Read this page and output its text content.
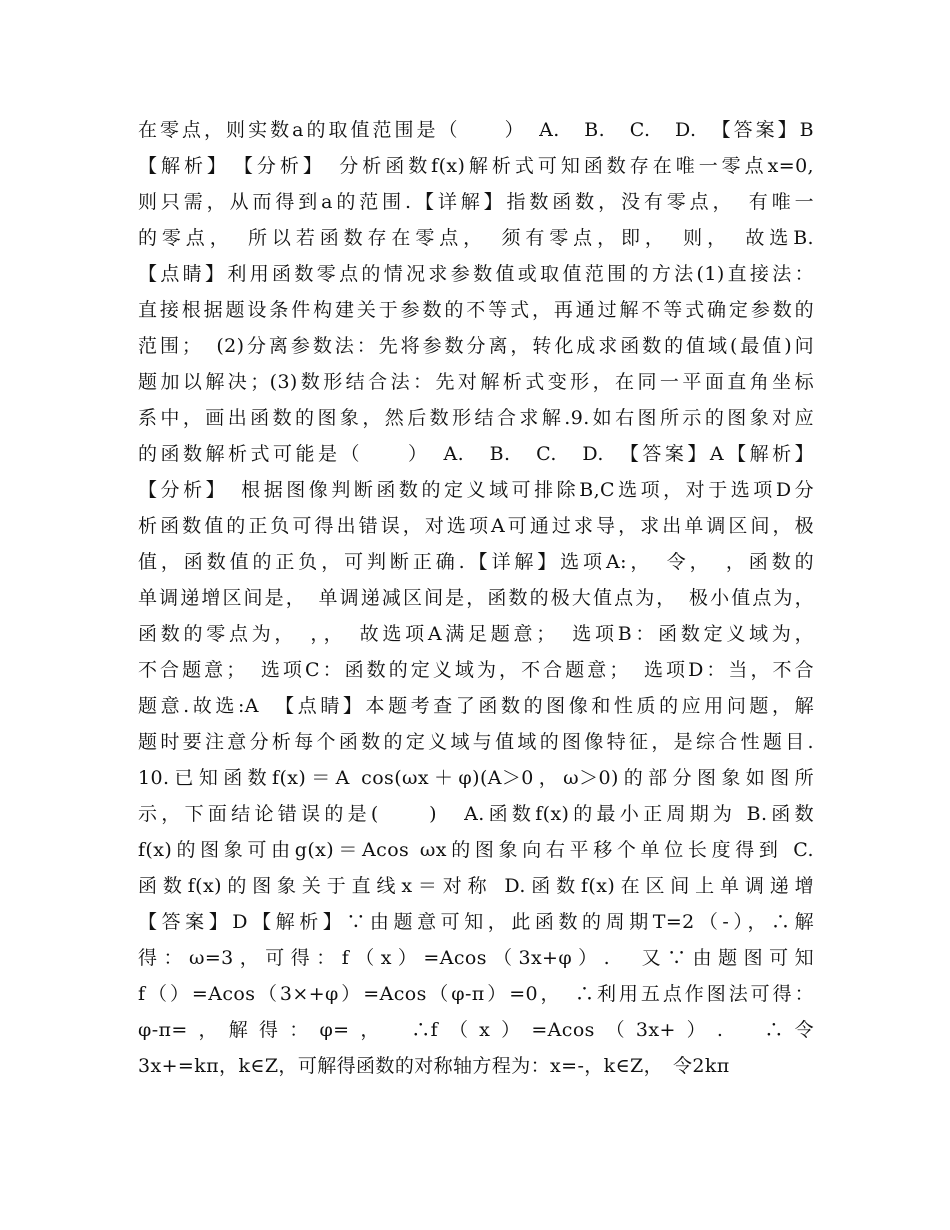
在零点，则实数a的取值范围是（　　）　A.　B.　C.　D.　【答案】B
【解析】　【分析】　分析函数f(x)解析式可知函数存在唯一零点x=0,
则只需，从而得到a的范围.【详解】指数函数，没有零点，　有唯一
的零点，　所以若函数存在零点，　须有零点，即，　则，　故选B.
【点睛】利用函数零点的情况求参数值或取值范围的方法(1)直接法：
直接根据题设条件构建关于参数的不等式，再通过解不等式确定参数的
范围；　(2)分离参数法：先将参数分离，转化成求函数的值域(最值)问
题加以解决；(3)数形结合法：先对解析式变形，在同一平面直角坐标
系中，画出函数的图象，然后数形结合求解.9.如右图所示的图象对应
的函数解析式可能是（　　）　A.　B.　C.　D.　【答案】A【解析】
【分析】　根据图像判断函数的定义域可排除B,C选项，对于选项D分
析函数值的正负可得出错误，对选项A可通过求导，求出单调区间，极
值，函数值的正负，可判断正确.【详解】选项A:，　令，　，函数的
单调递增区间是，　单调递减区间是，函数的极大值点为，　极小值点为，
函数的零点为，　，，　故选项A满足题意；　选项B：函数定义域为，
不合题意；　选项C：函数的定义域为，不合题意；　选项D：当，不合
题意.故选:A　【点睛】本题考查了函数的图像和性质的应用问题，解
题时要注意分析每个函数的定义域与值域的图像特征，是综合性题目.
10.已知函数f(x)＝A cos(ωx＋φ)(A＞0，ω＞0)的部分图象如图所
示，下面结论错误的是(　　)　A.函数f(x)的最小正周期为 B.函数
f(x)的图象可由g(x)＝Acos ωx的图象向右平移个单位长度得到 C.
函数f(x)的图象关于直线x＝对称 D.函数f(x)在区间上单调递增
【答案】D【解析】∵由题意可知，此函数的周期T=2（-），∴解
得：ω=3，可得：f（x）=Acos（3x+φ）.　又∵由题图可知
f（）=Acos（3×+φ）=Acos（φ-π）=0，　∴利用五点作图法可得：
φ-π=，解得：φ=，　∴f（x）=Acos（3x+）.　∴令
3x+=kπ，k∈Z，可解得函数的对称轴方程为：x=-，k∈Z，　令2kπ
